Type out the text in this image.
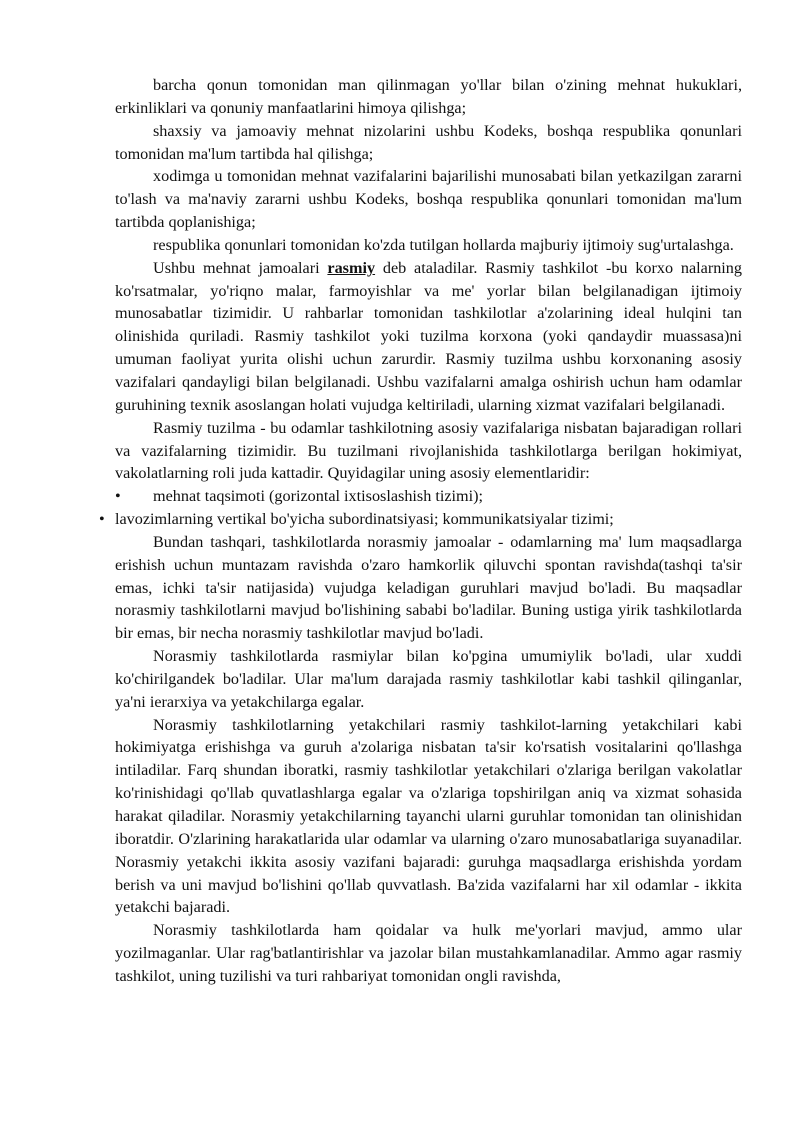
barcha qonun tomonidan man qilinmagan yo'llar bilan o'zining mehnat hukuklari, erkinliklari va qonuniy manfaatlarini himoya qilishga;

shaxsiy va jamoaviy mehnat nizolarini ushbu Kodeks, boshqa respublika qonunlari tomonidan ma'lum tartibda hal qilishga;

xodimga u tomonidan mehnat vazifalarini bajarilishi munosabati bilan yetkazilgan zararni to'lash va ma'naviy zararni ushbu Kodeks, boshqa respublika qonunlari tomonidan ma'lum tartibda qoplanishiga;

respublika qonunlari tomonidan ko'zda tutilgan hollarda majburiy ijtimoiy sug'urtalashga.

Ushbu mehnat jamoalari rasmiy deb ataladilar. Rasmiy tashkilot -bu korxo nalarning ko'rsatmalar, yo'riqno malar, farmoyishlar va me' yorlar bilan belgilanadigan ijtimoiy munosabatlar tizimidir. U rahbarlar tomonidan tashkilotlar a'zolarining ideal hulqini tan olinishida quriladi. Rasmiy tashkilot yoki tuzilma korxona (yoki qandaydir muassasa)ni umuman faoliyat yurita olishi uchun zarurdir. Rasmiy tuzilma ushbu korxonaning asosiy vazifalari qandayligi bilan belgilanadi. Ushbu vazifalarni amalga oshirish uchun ham odamlar guruhining texnik asoslangan holati vujudga keltiriladi, ularning xizmat vazifalari belgilanadi.

Rasmiy tuzilma - bu odamlar tashkilotning asosiy vazifalariga nisbatan bajaradigan rollari va vazifalarning tizimidir. Bu tuzilmani rivojlanishida tashkilotlarga berilgan hokimiyat, vakolatlarning roli juda kattadir. Quyidagilar uning asosiy elementlaridir:

•	mehnat taqsimoti (gorizontal ixtisoslashish tizimi);
• lavozimlarning vertikal bo'yicha subordinatsiyasi; kommunikatsiyalar tizimi;

Bundan tashqari, tashkilotlarda norasmiy jamoalar - odamlarning ma' lum maqsadlarga erishish uchun muntazam ravishda o'zaro hamkorlik qiluvchi spontan ravishda(tashqi ta'sir emas, ichki ta'sir natijasida) vujudga keladigan guruhlari mavjud bo'ladi. Bu maqsadlar norasmiy tashkilotlarni mavjud bo'lishining sababi bo'ladilar. Buning ustiga yirik tashkilotlarda bir emas, bir necha norasmiy tashkilotlar mavjud bo'ladi.

Norasmiy tashkilotlarda rasmiylar bilan ko'pgina umumiylik bo'ladi, ular xuddi ko'chirilgandek bo'ladilar. Ular ma'lum darajada rasmiy tashkilotlar kabi tashkil qilinganlar, ya'ni ierarxiya va yetakchilarga egalar.

Norasmiy tashkilotlarning yetakchilari rasmiy tashkilot-larning yetakchilari kabi hokimiyatga erishishga va guruh a'zolariga nisbatan ta'sir ko'rsatish vositalarini qo'llashga intiladilar. Farq shundan iboratki, rasmiy tashkilotlar yetakchilari o'zlariga berilgan vakolatlar ko'rinishidagi qo'llab quvatlashlarga egalar va o'zlariga topshirilgan aniq va xizmat sohasida harakat qiladilar. Norasmiy yetakchilarning tayanchi ularni guruhlar tomonidan tan olinishidan iboratdir. O'zlarining harakatlarida ular odamlar va ularning o'zaro munosabatlariga suyanadilar. Norasmiy yetakchi ikkita asosiy vazifani bajaradi: guruhga maqsadlarga erishishda yordam berish va uni mavjud bo'lishini qo'llab quvvatlash. Ba'zida vazifalarni har xil odamlar - ikkita yetakchi bajaradi.

Norasmiy tashkilotlarda ham qoidalar va hulk me'yorlari mavjud, ammo ular yozilmaganlar. Ular rag'batlantirishlar va jazolar bilan mustahkamlanadilar. Ammo agar rasmiy tashkilot, uning tuzilishi va turi rahbariyat tomonidan ongli ravishda,
